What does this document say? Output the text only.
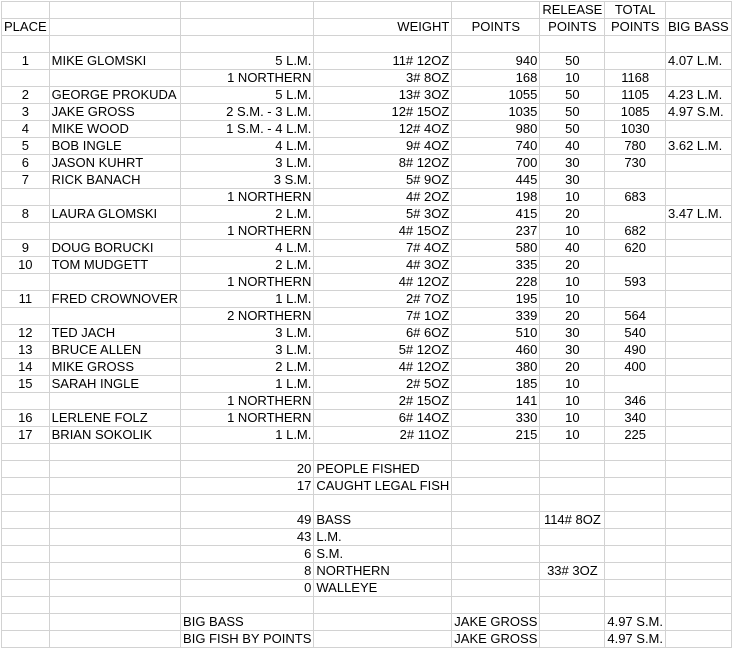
					RELEASE	TOTAL	
PLACE			WEIGHT	POINTS	POINTS	POINTS	BIG BASS

1	MIKE GLOMSKI	5 L.M.	11# 12OZ	940	50		4.07 L.M.
		1 NORTHERN	3# 8OZ	168	10	1168	
2	GEORGE PROKUDA	5 L.M.	13# 3OZ	1055	50	1105	4.23 L.M.
3	JAKE GROSS	2 S.M. - 3 L.M.	12# 15OZ	1035	50	1085	4.97 S.M.
4	MIKE WOOD	1 S.M. - 4 L.M.	12# 4OZ	980	50	1030	
5	BOB INGLE	4 L.M.	9# 4OZ	740	40	780	3.62 L.M.
6	JASON KUHRT	3 L.M.	8# 12OZ	700	30	730	
7	RICK BANACH	3 S.M.	5# 9OZ	445	30		
		1 NORTHERN	4# 2OZ	198	10	683	
8	LAURA GLOMSKI	2 L.M.	5# 3OZ	415	20		3.47 L.M.
		1 NORTHERN	4# 15OZ	237	10	682	
9	DOUG BORUCKI	4 L.M.	7# 4OZ	580	40	620	
10	TOM MUDGETT	2 L.M.	4# 3OZ	335	20		
		1 NORTHERN	4# 12OZ	228	10	593	
11	FRED CROWNOVER	1 L.M.	2# 7OZ	195	10		
		2 NORTHERN	7# 1OZ	339	20	564	
12	TED JACH	3 L.M.	6# 6OZ	510	30	540	
13	BRUCE ALLEN	3 L.M.	5# 12OZ	460	30	490	
14	MIKE GROSS	2 L.M.	4# 12OZ	380	20	400	
15	SARAH INGLE	1 L.M.	2# 5OZ	185	10		
		1 NORTHERN	2# 15OZ	141	10	346	
16	LERLENE FOLZ	1 NORTHERN	6# 14OZ	330	10	340	
17	BRIAN SOKOLIK	1 L.M.	2# 11OZ	215	10	225	

		20	PEOPLE FISHED				
		17	CAUGHT LEGAL FISH				

		49	BASS		114# 8OZ		
		43	L.M.				
		6	S.M.				
		8	NORTHERN		33# 3OZ		
		0	WALLEYE				

		BIG BASS		JAKE GROSS		4.97 S.M.	
		BIG FISH BY POINTS		JAKE GROSS		4.97 S.M.	
